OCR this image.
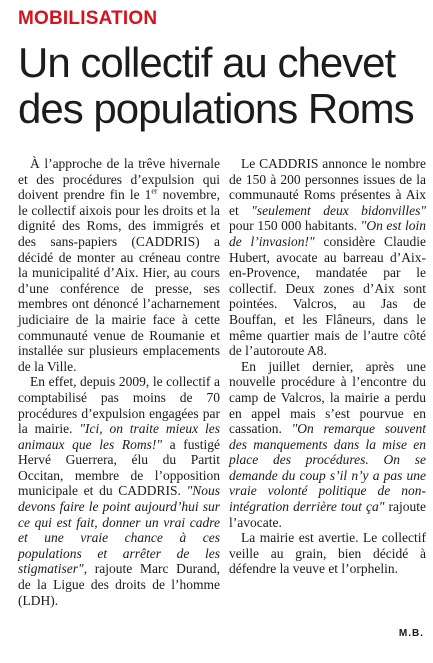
MOBILISATION
Un collectif au chevet
des populations Roms

À l’approche de la trêve hivernale et des procédures d’expulsion qui doivent prendre fin le 1er novembre, le collectif aixois pour les droits et la dignité des Roms, des immigrés et des sans-papiers (CADDRIS) a décidé de monter au créneau contre la municipalité d’Aix. Hier, au cours d’une conférence de presse, ses membres ont dénoncé l’acharnement judiciaire de la mairie face à cette communauté venue de Roumanie et installée sur plusieurs emplacements de la Ville.

En effet, depuis 2009, le collectif a comptabilisé pas moins de 70 procédures d’expulsion engagées par la mairie. "Ici, on traite mieux les animaux que les Roms!" a fustigé Hervé Guerrera, élu du Partit Occitan, membre de l’opposition municipale et du CADDRIS. "Nous devons faire le point aujourd’hui sur ce qui est fait, donner un vrai cadre et une vraie chance à ces populations et arrêter de les stigmatiser", rajoute Marc Durand, de la Ligue des droits de l’homme (LDH).

Le CADDRIS annonce le nombre de 150 à 200 personnes issues de la communauté Roms présentes à Aix et "seulement deux bidonvilles" pour 150 000 habitants. "On est loin de l’invasion!" considère Claudie Hubert, avocate au barreau d’Aix-en-Provence, mandatée par le collectif. Deux zones d’Aix sont pointées. Valcros, au Jas de Bouffan, et les Flâneurs, dans le même quartier mais de l’autre côté de l’autoroute A8.

En juillet dernier, après une nouvelle procédure à l’encontre du camp de Valcros, la mairie a perdu en appel mais s’est pourvue en cassation. "On remarque souvent des manquements dans la mise en place des procédures. On se demande du coup s’il n’y a pas une vraie volonté politique de non-intégration derrière tout ça" rajoute l’avocate.

La mairie est avertie. Le collectif veille au grain, bien décidé à défendre la veuve et l’orphelin.

M.B.
